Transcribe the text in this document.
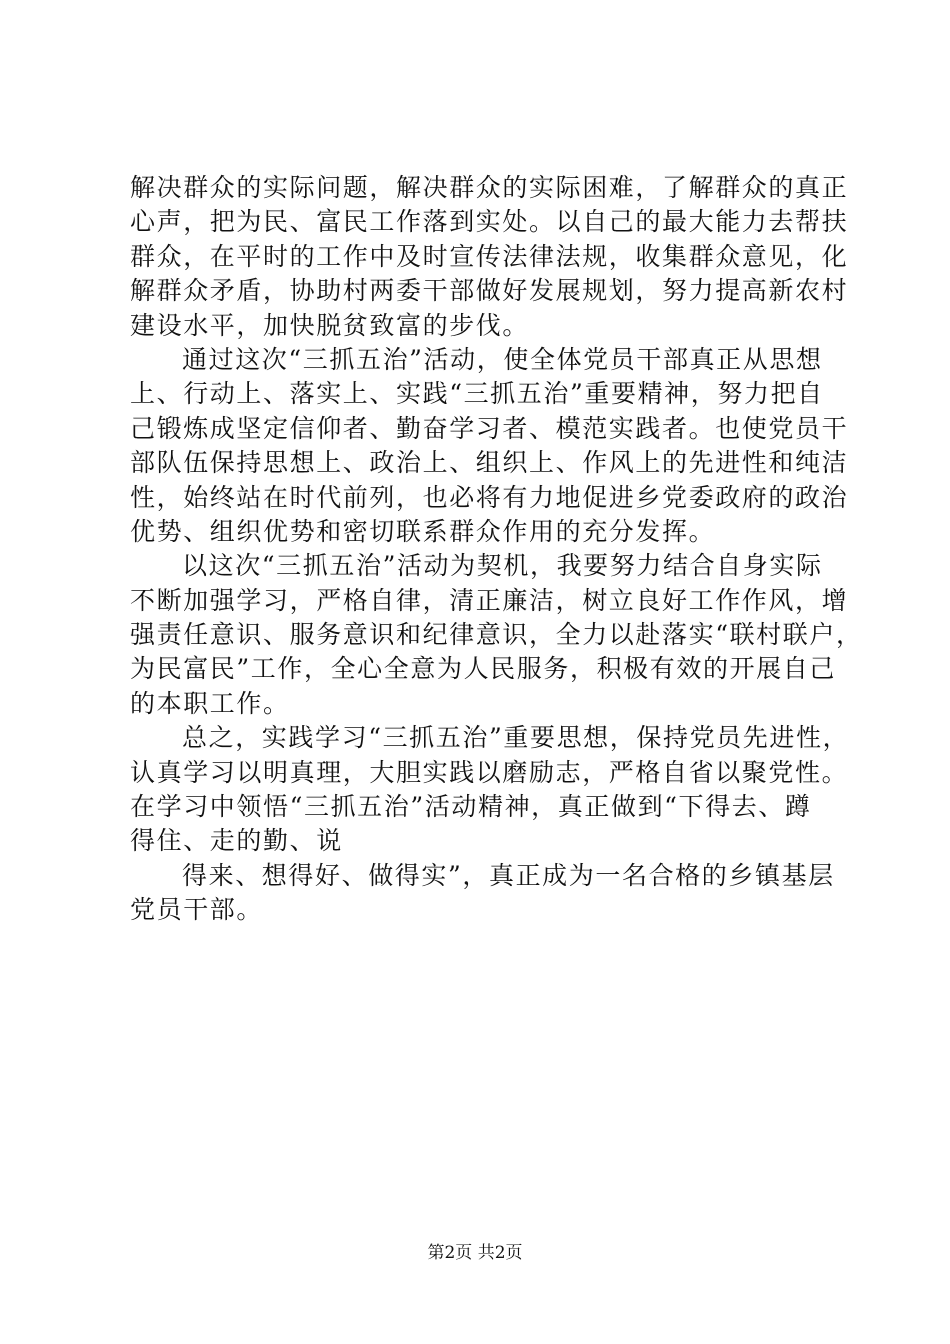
解决群众的实际问题，解决群众的实际困难，了解群众的真正
心声，把为民、富民工作落到实处。以自己的最大能力去帮扶
群众，在平时的工作中及时宣传法律法规，收集群众意见，化
解群众矛盾，协助村两委干部做好发展规划，努力提高新农村
建设水平，加快脱贫致富的步伐。
通过这次“三抓五治”活动，使全体党员干部真正从思想
上、行动上、落实上、实践“三抓五治”重要精神，努力把自
己锻炼成坚定信仰者、勤奋学习者、模范实践者。也使党员干
部队伍保持思想上、政治上、组织上、作风上的先进性和纯洁
性，始终站在时代前列，也必将有力地促进乡党委政府的政治
优势、组织优势和密切联系群众作用的充分发挥。
以这次“三抓五治”活动为契机，我要努力结合自身实际
不断加强学习，严格自律，清正廉洁，树立良好工作作风，增
强责任意识、服务意识和纪律意识，全力以赴落实“联村联户，
为民富民”工作，全心全意为人民服务，积极有效的开展自己
的本职工作。
总之，实践学习“三抓五治”重要思想，保持党员先进性，
认真学习以明真理，大胆实践以磨励志，严格自省以聚党性。
在学习中领悟“三抓五治”活动精神，真正做到“下得去、蹲
得住、走的勤、说
得来、想得好、做得实”，真正成为一名合格的乡镇基层
党员干部。
第2页 共2页
